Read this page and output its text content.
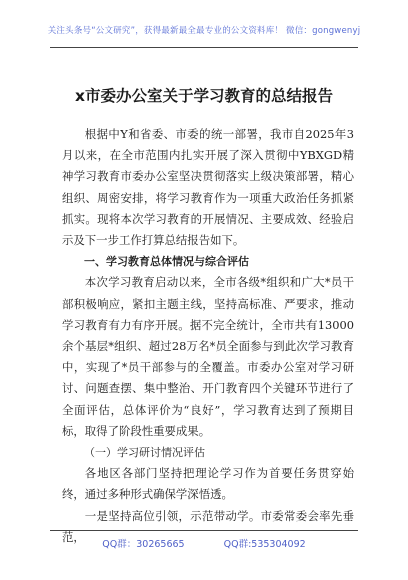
关注头条号“公文研究”，获得最新最全最专业的公文资料库！ 微信：gongwenyj
x市委办公室关于学习教育的总结报告

根据中Y和省委、市委的统一部署，我市自2025年3月以来，在全市范围内扎实开展了深入贯彻中YBXGD精神学习教育市委办公室坚决贯彻落实上级决策部署，精心组织、周密安排，将学习教育作为一项重大政治任务抓紧抓实。现将本次学习教育的开展情况、主要成效、经验启示及下一步工作打算总结报告如下。

一、学习教育总体情况与综合评估

本次学习教育启动以来，全市各级*组织和广大*员干部积极响应，紧扣主题主线，坚持高标准、严要求，推动学习教育有力有序开展。据不完全统计，全市共有13000余个基层*组织、超过28万名*员全面参与到此次学习教育中，实现了*员干部参与的全覆盖。市委办公室对学习研讨、问题查摆、集中整治、开门教育四个关键环节进行了全面评估，总体评价为“良好”，学习教育达到了预期目标，取得了阶段性重要成果。

（一）学习研讨情况评估

各地区各部门坚持把理论学习作为首要任务贯穿始终，通过多种形式确保学深悟透。

一是坚持高位引领，示范带动学。市委常委会率先垂范，

QQ群：30265665	QQ群:535304092
